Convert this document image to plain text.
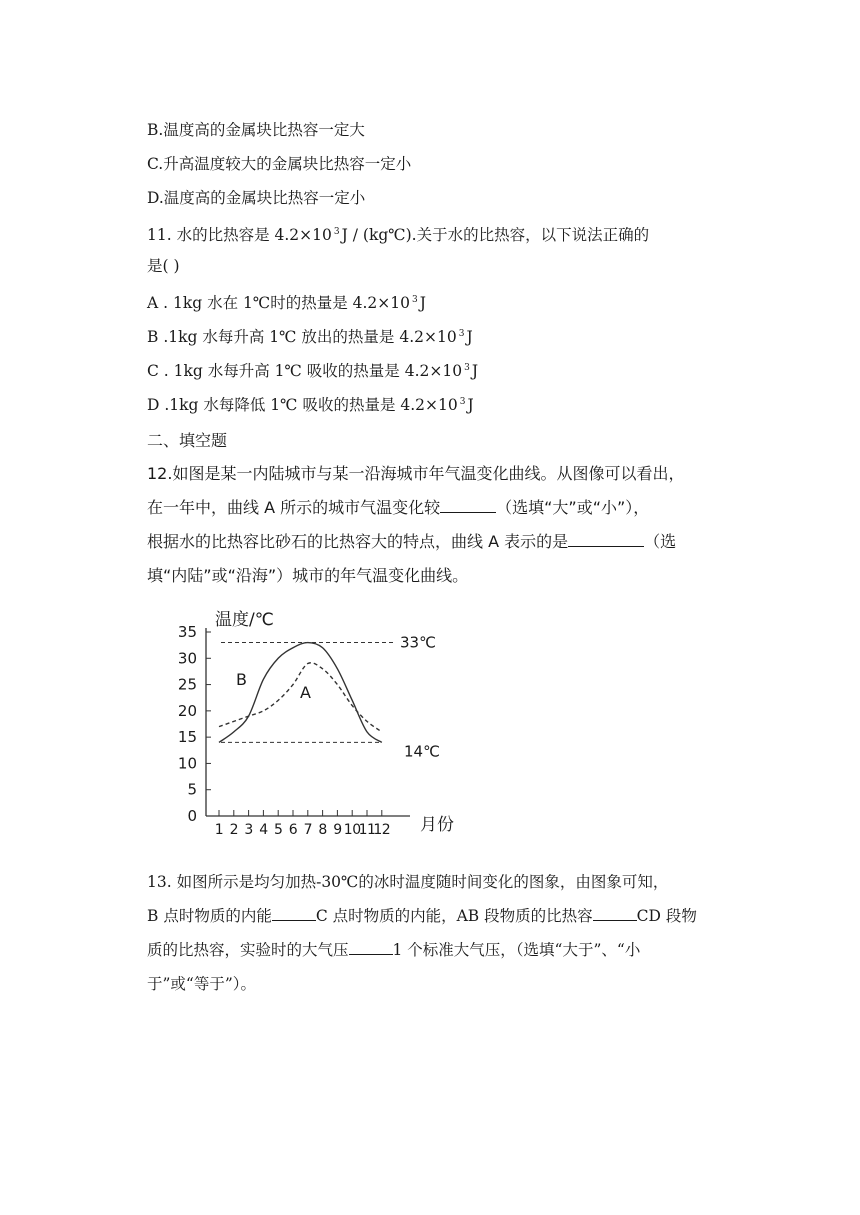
B.温度高的金属块比热容一定大
C.升高温度较大的金属块比热容一定小
D.温度高的金属块比热容一定小
11. 水的比热容是 4.2×10 $^3$ J / (kg℃).关于水的比热容，以下说法正确的
是( )
A . 1kg 水在 1℃时的热量是 4.2×10 $^3$ J
B .1kg 水每升高 1℃ 放出的热量是 4.2×10 $^3$ J
C . 1kg 水每升高 1℃ 吸收的热量是 4.2×10 $^3$ J
D .1kg 水每降低 1℃ 吸收的热量是 4.2×10 $^3$ J
二、填空题
12.如图是某一内陆城市与某一沿海城市年气温变化曲线。从图像可以看出，
在一年中，曲线 A 所示的城市气温变化较	（选填“大”或“小”），
根据水的比热容比砂石的比热容大的特点，曲线 A 表示的是	（选
填“内陆”或“沿海”）城市的年气温变化曲线。
温度/℃
月份
35
30
25
20
15
10
5
0
1 2 3 4 5 6 7 8 9 10
11
12
33℃
14℃
B
A
13. 如图所示是均匀加热-30℃的冰时温度随时间变化的图象，由图象可知，
B 点时物质的内能	C 点时物质的内能，AB 段物质的比热容	CD 段物
质的比热容，实验时的大气压	1 个标准大气压，（选填“大于”、“小
于”或“等于”）。
